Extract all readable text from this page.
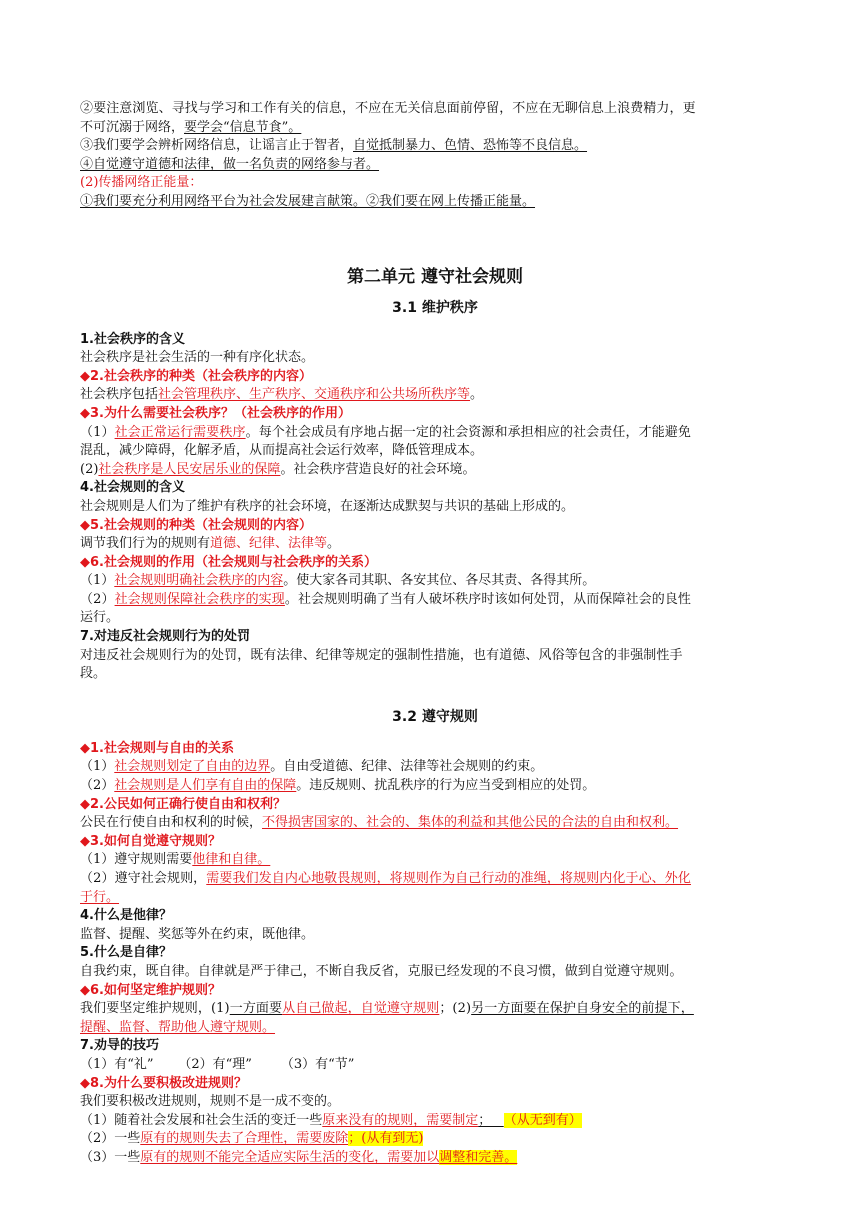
②要注意浏览、寻找与学习和工作有关的信息，不应在无关信息面前停留，不应在无聊信息上浪费精力，更
不可沉溺于网络，要学会“信息节食”。
③我们要学会辨析网络信息，让谣言止于智者，自觉抵制暴力、色情、恐怖等不良信息。
④自觉遵守道德和法律，做一名负责的网络参与者。
(2)传播网络正能量：
①我们要充分利用网络平台为社会发展建言献策。②我们要在网上传播正能量。
第二单元 遵守社会规则
3.1 维护秩序
1.社会秩序的含义
社会秩序是社会生活的一种有序化状态。
◆2.社会秩序的种类（社会秩序的内容）
社会秩序包括社会管理秩序、生产秩序、交通秩序和公共场所秩序等。
◆3.为什么需要社会秩序？（社会秩序的作用）
（1）社会正常运行需要秩序。每个社会成员有序地占据一定的社会资源和承担相应的社会责任，才能避免
混乱，减少障碍，化解矛盾，从而提高社会运行效率，降低管理成本。
(2)社会秩序是人民安居乐业的保障。社会秩序营造良好的社会环境。
4.社会规则的含义
社会规则是人们为了维护有秩序的社会环境，在逐渐达成默契与共识的基础上形成的。
◆5.社会规则的种类（社会规则的内容）
调节我们行为的规则有道德、纪律、法律等。
◆6.社会规则的作用（社会规则与社会秩序的关系）
（1）社会规则明确社会秩序的内容。使大家各司其职、各安其位、各尽其责、各得其所。
（2）社会规则保障社会秩序的实现。社会规则明确了当有人破坏秩序时该如何处罚，从而保障社会的良性
运行。
7.对违反社会规则行为的处罚
对违反社会规则行为的处罚，既有法律、纪律等规定的强制性措施，也有道德、风俗等包含的非强制性手
段。
3.2 遵守规则
◆1.社会规则与自由的关系
（1）社会规则划定了自由的边界。自由受道德、纪律、法律等社会规则的约束。
（2）社会规则是人们享有自由的保障。违反规则、扰乱秩序的行为应当受到相应的处罚。
◆2.公民如何正确行使自由和权利？
公民在行使自由和权利的时候，不得损害国家的、社会的、集体的利益和其他公民的合法的自由和权利。
◆3.如何自觉遵守规则？
（1）遵守规则需要他律和自律。
（2）遵守社会规则，需要我们发自内心地敬畏规则，将规则作为自己行动的准绳，将规则内化于心、外化
于行。
4.什么是他律？
监督、提醒、奖惩等外在约束，既他律。
5.什么是自律？
自我约束，既自律。自律就是严于律己，不断自我反省，克服已经发现的不良习惯，做到自觉遵守规则。
◆6.如何坚定维护规则？
我们要坚定维护规则，(1)一方面要从自己做起，自觉遵守规则；(2)另一方面要在保护自身安全的前提下，
提醒、监督、帮助他人遵守规则。
7.劝导的技巧
（1）有“礼”      （2）有“理”       （3）有“节”
◆8.为什么要积极改进规则？
我们要积极改进规则，规则不是一成不变的。
（1）随着社会发展和社会生活的变迁一些原来没有的规则，需要制定；   （从无到有）
（2）一些原有的规则失去了合理性，需要废除；(从有到无)
（3）一些原有的规则不能完全适应实际生活的变化，需要加以调整和完善。
